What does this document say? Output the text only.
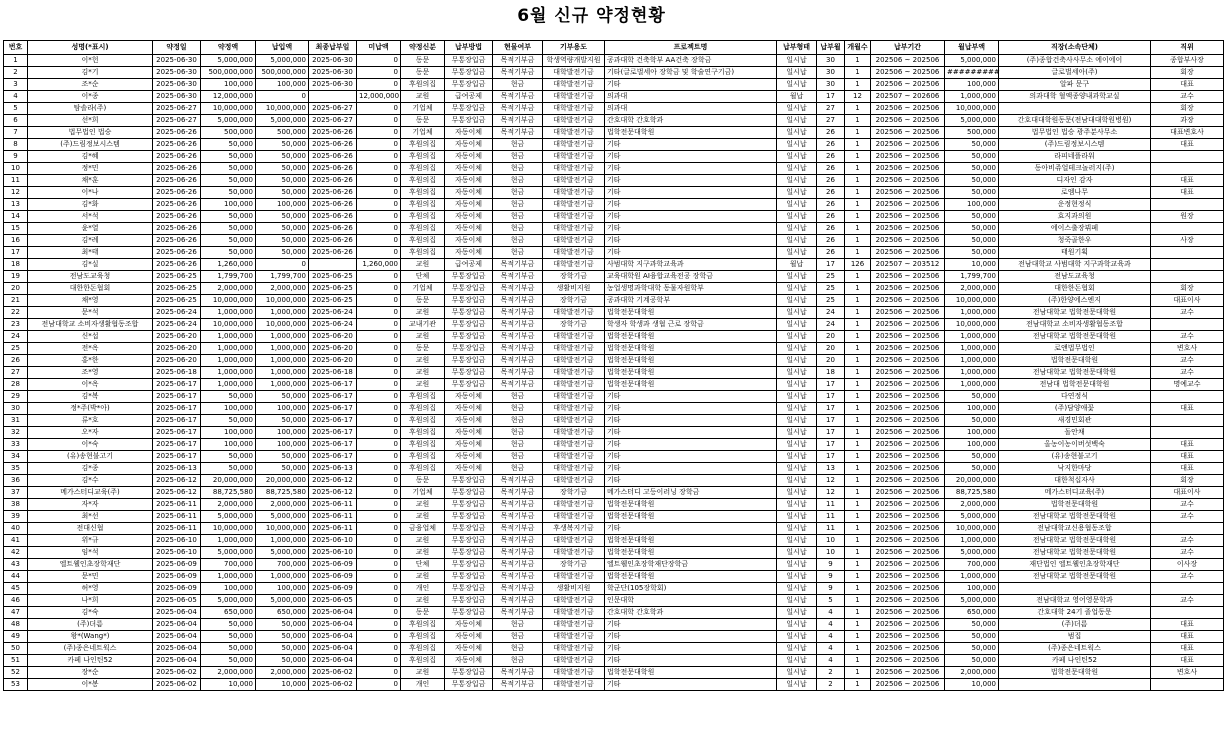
6월 신규 약정현황
번호	성명(*표시)	약정일	약정액	납입액	최종납부일	미납액	약정신분	납부방법	현물여부	기부용도	프로젝트명	납부형태	납부월	개월수	납부기간	월납부액	직장(소속단체)	직위
1	이*헌	2025-06-30	5,000,000	5,000,000	2025-06-30	0	동문	무통장입금	목적기부금	학생역량개발지원	공과대학 건축학부 AA건축 장학금	일시납	30	1	202506 ~ 202506	5,000,000	(주)종합건축사사무소 에이에이	종합부사장
2	김*기	2025-06-30	500,000,000	500,000,000	2025-06-30	0	동문	무통장입금	목적기부금	대학발전기금	기타(글로벌세아 장학금 및 학술연구기금)	일시납	30	1	202506 ~ 202506	#########	글로벌세아(주)	회장
3	조*순	2025-06-30	100,000	100,000	2025-06-30	0	후원의집	무통장입금	현금	대학발전기금	기타	일시납	30	1	202506 ~ 202506	100,000	알파 문구	대표
4	이*종	2025-06-30	12,000,000	0		12,000,000	교원	급여공제	목적기부금	대학발전기금	의과대	월납	17	12	202507 ~ 202606	1,000,000	의과대학 혈액종양내과학교실	교수
5	탐솔라(주)	2025-06-27	10,000,000	10,000,000	2025-06-27	0	기업체	무통장입금	목적기부금	대학발전기금	의과대	일시납	27	1	202506 ~ 202506	10,000,000		회장
6	선*희	2025-06-27	5,000,000	5,000,000	2025-06-27	0	동문	무통장입금	목적기부금	대학발전기금	간호대학 간호학과	일시납	27	1	202506 ~ 202506	5,000,000	간호대대학원동문(전남대대학원병원)	과장
7	법무법인 법승	2025-06-26	500,000	500,000	2025-06-26	0	기업체	자동이체	목적기부금	대학발전기금	법학전문대학원	일시납	26	1	202506 ~ 202506	500,000	법무법인 법승 광주분사무소	대표변호사
8	(주)드림정보시스템	2025-06-26	50,000	50,000	2025-06-26	0	후원의집	자동이체	현금	대학발전기금	기타	일시납	26	1	202506 ~ 202506	50,000	(주)드림정보시스템	대표
9	김*혜	2025-06-26	50,000	50,000	2025-06-26	0	후원의집	자동이체	현금	대학발전기금	기타	일시납	26	1	202506 ~ 202506	50,000	라피네플라워	
10	정*민	2025-06-26	50,000	50,000	2025-06-26	0	후원의집	자동이체	현금	대학발전기금	기타	일시납	26	1	202506 ~ 202506	50,000	동아비쥬얼테크놀러지(주)	
11	채*훈	2025-06-26	50,000	50,000	2025-06-26	0	후원의집	자동이체	현금	대학발전기금	기타	일시납	26	1	202506 ~ 202506	50,000	디자인 감자	대표
12	이*나	2025-06-26	50,000	50,000	2025-06-26	0	후원의집	자동이체	현금	대학발전기금	기타	일시납	26	1	202506 ~ 202506	50,000	로엠나무	대표
13	김*화	2025-06-26	100,000	100,000	2025-06-26	0	후원의집	자동이체	현금	대학발전기금	기타	일시납	26	1	202506 ~ 202506	100,000	운정현정식	
14	서*석	2025-06-26	50,000	50,000	2025-06-26	0	후원의집	자동이체	현금	대학발전기금	기타	일시납	26	1	202506 ~ 202506	50,000	효지과의원	원장
15	윤*열	2025-06-26	50,000	50,000	2025-06-26	0	후원의집	자동이체	현금	대학발전기금	기타	일시납	26	1	202506 ~ 202506	50,000	에이스출장뷔페	
16	김*례	2025-06-26	50,000	50,000	2025-06-26	0	후원의집	자동이체	현금	대학발전기금	기타	일시납	26	1	202506 ~ 202506	50,000	청죽골한우	사장
17	최*태	2025-06-26	50,000	50,000	2025-06-26	0	후원의집	자동이체	현금	대학발전기금	기타	일시납	26	1	202506 ~ 202506	50,000	태원기획	
18	김*실	2025-06-26	1,260,000	0		1,260,000	교원	급여공제	목적기부금	대학발전기금	사범대학 지구과학교육과	월납	17	126	202507 ~ 203512	10,000	전남대학교 사범대학 지구과학교육과	
19	전남도교육청	2025-06-25	1,799,700	1,799,700	2025-06-25	0	단체	무통장입금	목적기부금	장학기금	교육대학원 AI융합교육전공 장학금	일시납	25	1	202506 ~ 202506	1,799,700	전남도교육청	
20	대한한돈협회	2025-06-25	2,000,000	2,000,000	2025-06-25	0	기업체	무통장입금	목적기부금	생활비지원	농업생명과학대학 동물자원학부	일시납	25	1	202506 ~ 202506	2,000,000	대한한돈협회	회장
21	채*영	2025-06-25	10,000,000	10,000,000	2025-06-25	0	동문	무통장입금	목적기부금	장학기금	공과대학 기계공학부	일시납	25	1	202506 ~ 202506	10,000,000	(주)한양에스엔지	대표이사
22	문*석	2025-06-24	1,000,000	1,000,000	2025-06-24	0	교원	무통장입금	목적기부금	대학발전기금	법학전문대학원	일시납	24	1	202506 ~ 202506	1,000,000	전남대학교 법학전문대학원	교수
23	전남대학교 소비자생활협동조합	2025-06-24	10,000,000	10,000,000	2025-06-24	0	교내기관	무통장입금	목적기부금	장학기금	학생자 학생과 생협 근로 장학금	일시납	24	1	202506 ~ 202506	10,000,000	전남대학교 소비자생활협동조합	
24	신*섭	2025-06-20	1,000,000	1,000,000	2025-06-20	0	교원	무통장입금	목적기부금	대학발전기금	법학전문대학원	일시납	20	1	202506 ~ 202506	1,000,000	전남대학교 법학전문대학원	교수
25	전*옥	2025-06-20	1,000,000	1,000,000	2025-06-20	0	동문	무통장입금	목적기부금	대학발전기금	법학전문대학원	일시납	20	1	202506 ~ 202506	1,000,000	로앤법무법인	변호사
26	홍*한	2025-06-20	1,000,000	1,000,000	2025-06-20	0	교원	무통장입금	목적기부금	대학발전기금	법학전문대학원	일시납	20	1	202506 ~ 202506	1,000,000	법학전문대학원	교수
27	조*영	2025-06-18	1,000,000	1,000,000	2025-06-18	0	교원	무통장입금	목적기부금	대학발전기금	법학전문대학원	일시납	18	1	202506 ~ 202506	1,000,000	전남대학교 법학전문대학원	교수
28	이*옥	2025-06-17	1,000,000	1,000,000	2025-06-17	0	교원	무통장입금	목적기부금	대학발전기금	법학전문대학원	일시납	17	1	202506 ~ 202506	1,000,000	전남대 법학전문대학원	명예교수
29	김*복	2025-06-17	50,000	50,000	2025-06-17	0	후원의집	자동이체	현금	대학발전기금	기타	일시납	17	1	202506 ~ 202506	50,000	다연정식	
30	정*주(박*아)	2025-06-17	100,000	100,000	2025-06-17	0	후원의집	자동이체	현금	대학발전기금	기타	일시납	17	1	202506 ~ 202506	100,000	(주)담양애꽃	대표
31	류*호	2025-06-17	50,000	50,000	2025-06-17	0	후원의집	자동이체	현금	대학발전기금	기타	일시납	17	1	202506 ~ 202506	50,000	새경민회관	
32	오*자	2025-06-17	100,000	100,000	2025-06-17	0	후원의집	자동이체	현금	대학발전기금	기타	일시납	17	1	202506 ~ 202506	100,000	돌안채	
33	이*숙	2025-06-17	100,000	100,000	2025-06-17	0	후원의집	자동이체	현금	대학발전기금	기타	일시납	17	1	202506 ~ 202506	100,000	올농이농이버섯백숙	대표
34	(유)송현불고기	2025-06-17	50,000	50,000	2025-06-17	0	후원의집	자동이체	현금	대학발전기금	기타	일시납	17	1	202506 ~ 202506	50,000	(유)송현불고기	대표
35	김*종	2025-06-13	50,000	50,000	2025-06-13	0	후원의집	자동이체	현금	대학발전기금	기타	일시납	13	1	202506 ~ 202506	50,000	낙지한마당	대표
36	김*수	2025-06-12	20,000,000	20,000,000	2025-06-12	0	동문	무통장입금	목적기부금	대학발전기금	기타	일시납	12	1	202506 ~ 202506	20,000,000	대한척십자사	회장
37	메가스터디교육(주)	2025-06-12	88,725,580	88,725,580	2025-06-12	0	기업체	무통장입금	목적기부금	장학기금	메가스터디 고등이러닝 장학금	일시납	12	1	202506 ~ 202506	88,725,580	메가스터디교육(주)	대표이사
38	자*자	2025-06-11	2,000,000	2,000,000	2025-06-11	0	교원	무통장입금	목적기부금	대학발전기금	법학전문대학원	일시납	11	1	202506 ~ 202506	2,000,000	법학전문대학원	교수
39	최*선	2025-06-11	5,000,000	5,000,000	2025-06-11	0	교원	무통장입금	목적기부금	대학발전기금	법학전문대학원	일시납	11	1	202506 ~ 202506	5,000,000	전남대학교 법학전문대학원	교수
40	전대신협	2025-06-11	10,000,000	10,000,000	2025-06-11	0	금융업체	무통장입금	목적기부금	후생복지기금	기타	일시납	11	1	202506 ~ 202506	10,000,000	전남대학교신용협동조합	
41	위*규	2025-06-10	1,000,000	1,000,000	2025-06-10	0	교원	무통장입금	목적기부금	대학발전기금	법학전문대학원	일시납	10	1	202506 ~ 202506	1,000,000	전남대학교 법학전문대학원	교수
42	임*석	2025-06-10	5,000,000	5,000,000	2025-06-10	0	교원	무통장입금	목적기부금	대학발전기금	법학전문대학원	일시납	10	1	202506 ~ 202506	5,000,000	전남대학교 법학전문대학원	교수
43	엘트웰인초장학재단	2025-06-09	700,000	700,000	2025-06-09	0	단체	무통장입금	목적기부금	장학기금	엘트웰인초장학재단장학금	일시납	9	1	202506 ~ 202506	700,000	재단법인 엘트웰인초장학재단	이사장
44	문*민	2025-06-09	1,000,000	1,000,000	2025-06-09	0	교원	무통장입금	목적기부금	대학발전기금	법학전문대학원	일시납	9	1	202506 ~ 202506	1,000,000	전남대학교 법학전문대학원	교수
45	허*영	2025-06-09	100,000	100,000	2025-06-09	0	개인	무통장입금	목적기부금	생활비지원	학군단(105장학회)	일시납	9	1	202506 ~ 202506	100,000		
46	나*희	2025-06-05	5,000,000	5,000,000	2025-06-05	0	교원	무통장입금	목적기부금	대학발전기금	인문대학	일시납	5	1	202506 ~ 202506	5,000,000	전남대학교 영어영문학과	교수
47	김*숙	2025-06-04	650,000	650,000	2025-06-04	0	동문	무통장입금	목적기부금	대학발전기금	간호대학 간호학과	일시납	4	1	202506 ~ 202506	650,000	간호대학 24기 졸업동문	
48	(주)더름	2025-06-04	50,000	50,000	2025-06-04	0	후원의집	자동이체	현금	대학발전기금	기타	일시납	4	1	202506 ~ 202506	50,000	(주)더름	대표
49	왕*(Wang*)	2025-06-04	50,000	50,000	2025-06-04	0	후원의집	자동이체	현금	대학발전기금	기타	일시납	4	1	202506 ~ 202506	50,000	범집	대표
50	(주)종은네트웍스	2025-06-04	50,000	50,000	2025-06-04	0	후원의집	자동이체	현금	대학발전기금	기타	일시납	4	1	202506 ~ 202506	50,000	(주)종은네트웍스	대표
51	카페 나인틴52	2025-06-04	50,000	50,000	2025-06-04	0	후원의집	자동이체	현금	대학발전기금	기타	일시납	4	1	202506 ~ 202506	50,000	카페 나인틴52	대표
52	장*순	2025-06-02	2,000,000	2,000,000	2025-06-02	0	교원	무통장입금	목적기부금	대학발전기금	법학전문대학원	일시납	2	1	202506 ~ 202506	2,000,000	법학전문대학원	변호사
53	이*봉	2025-06-02	10,000	10,000	2025-06-02	0	개인	무통장입금	목적기부금	대학발전기금	기타	일시납	2	1	202506 ~ 202506	10,000		
